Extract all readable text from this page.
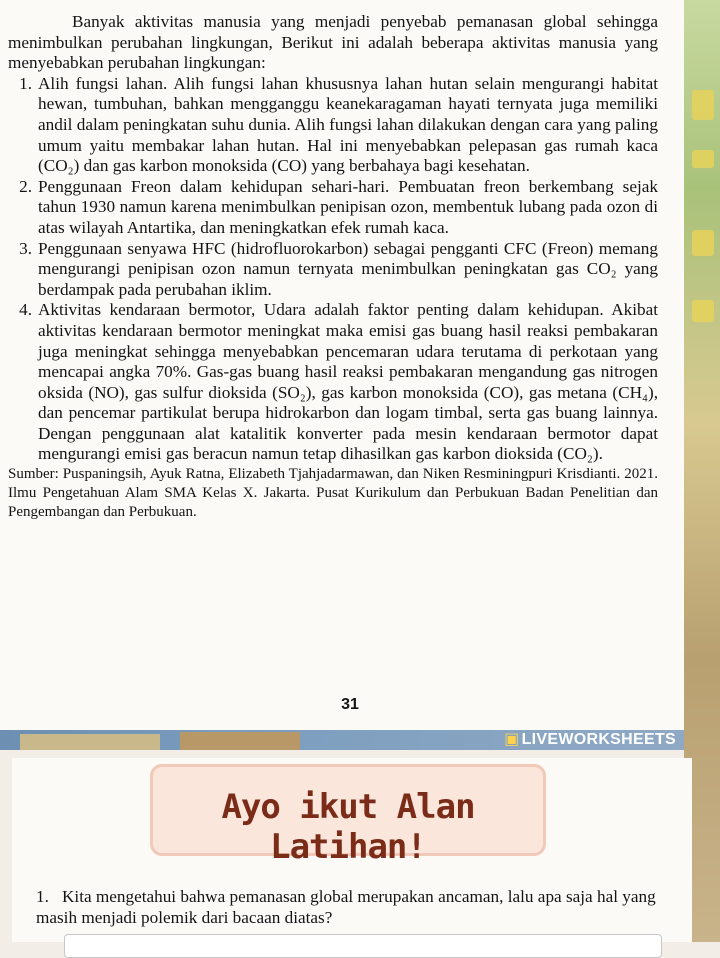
Banyak aktivitas manusia yang menjadi penyebab pemanasan global sehingga menimbulkan perubahan lingkungan, Berikut ini adalah beberapa aktivitas manusia yang menyebabkan perubahan lingkungan:

1. Alih fungsi lahan. Alih fungsi lahan khususnya lahan hutan selain mengurangi habitat hewan, tumbuhan, bahkan mengganggu keanekaragaman hayati ternyata juga memiliki andil dalam peningkatan suhu dunia. Alih fungsi lahan dilakukan dengan cara yang paling umum yaitu membakar lahan hutan. Hal ini menyebabkan pelepasan gas rumah kaca (CO₂) dan gas karbon monoksida (CO) yang berbahaya bagi kesehatan.
2. Penggunaan Freon dalam kehidupan sehari-hari. Pembuatan freon berkembang sejak tahun 1930 namun karena menimbulkan penipisan ozon, membentuk lubang pada ozon di atas wilayah Antartika, dan meningkatkan efek rumah kaca.
3. Penggunaan senyawa HFC (hidrofluorokarbon) sebagai pengganti CFC (Freon) memang mengurangi penipisan ozon namun ternyata menimbulkan peningkatan gas CO₂ yang berdampak pada perubahan iklim.
4. Aktivitas kendaraan bermotor, Udara adalah faktor penting dalam kehidupan. Akibat aktivitas kendaraan bermotor meningkat maka emisi gas buang hasil reaksi pembakaran juga meningkat sehingga menyebabkan pencemaran udara terutama di perkotaan yang mencapai angka 70%. Gas-gas buang hasil reaksi pembakaran mengandung gas nitrogen oksida (NO), gas sulfur dioksida (SO₂), gas karbon monoksida (CO), gas metana (CH₄), dan pencemar partikulat berupa hidrokarbon dan logam timbal, serta gas buang lainnya. Dengan penggunaan alat katalitik konverter pada mesin kendaraan bermotor dapat mengurangi emisi gas beracun namun tetap dihasilkan gas karbon dioksida (CO₂).

Sumber: Puspaningsih, Ayuk Ratna, Elizabeth Tjahjadarmawan, dan Niken Resminingpuri Krisdianti. 2021. Ilmu Pengetahuan Alam SMA Kelas X. Jakarta. Pusat Kurikulum dan Perbukuan Badan Penelitian dan Pengembangan dan Perbukuan.

31
▣ LIVEWORKSHEETS
Ayo ikut Alan Latihan!
1. Kita mengetahui bahwa pemanasan global merupakan ancaman, lalu apa saja hal yang masih menjadi polemik dari bacaan diatas?
